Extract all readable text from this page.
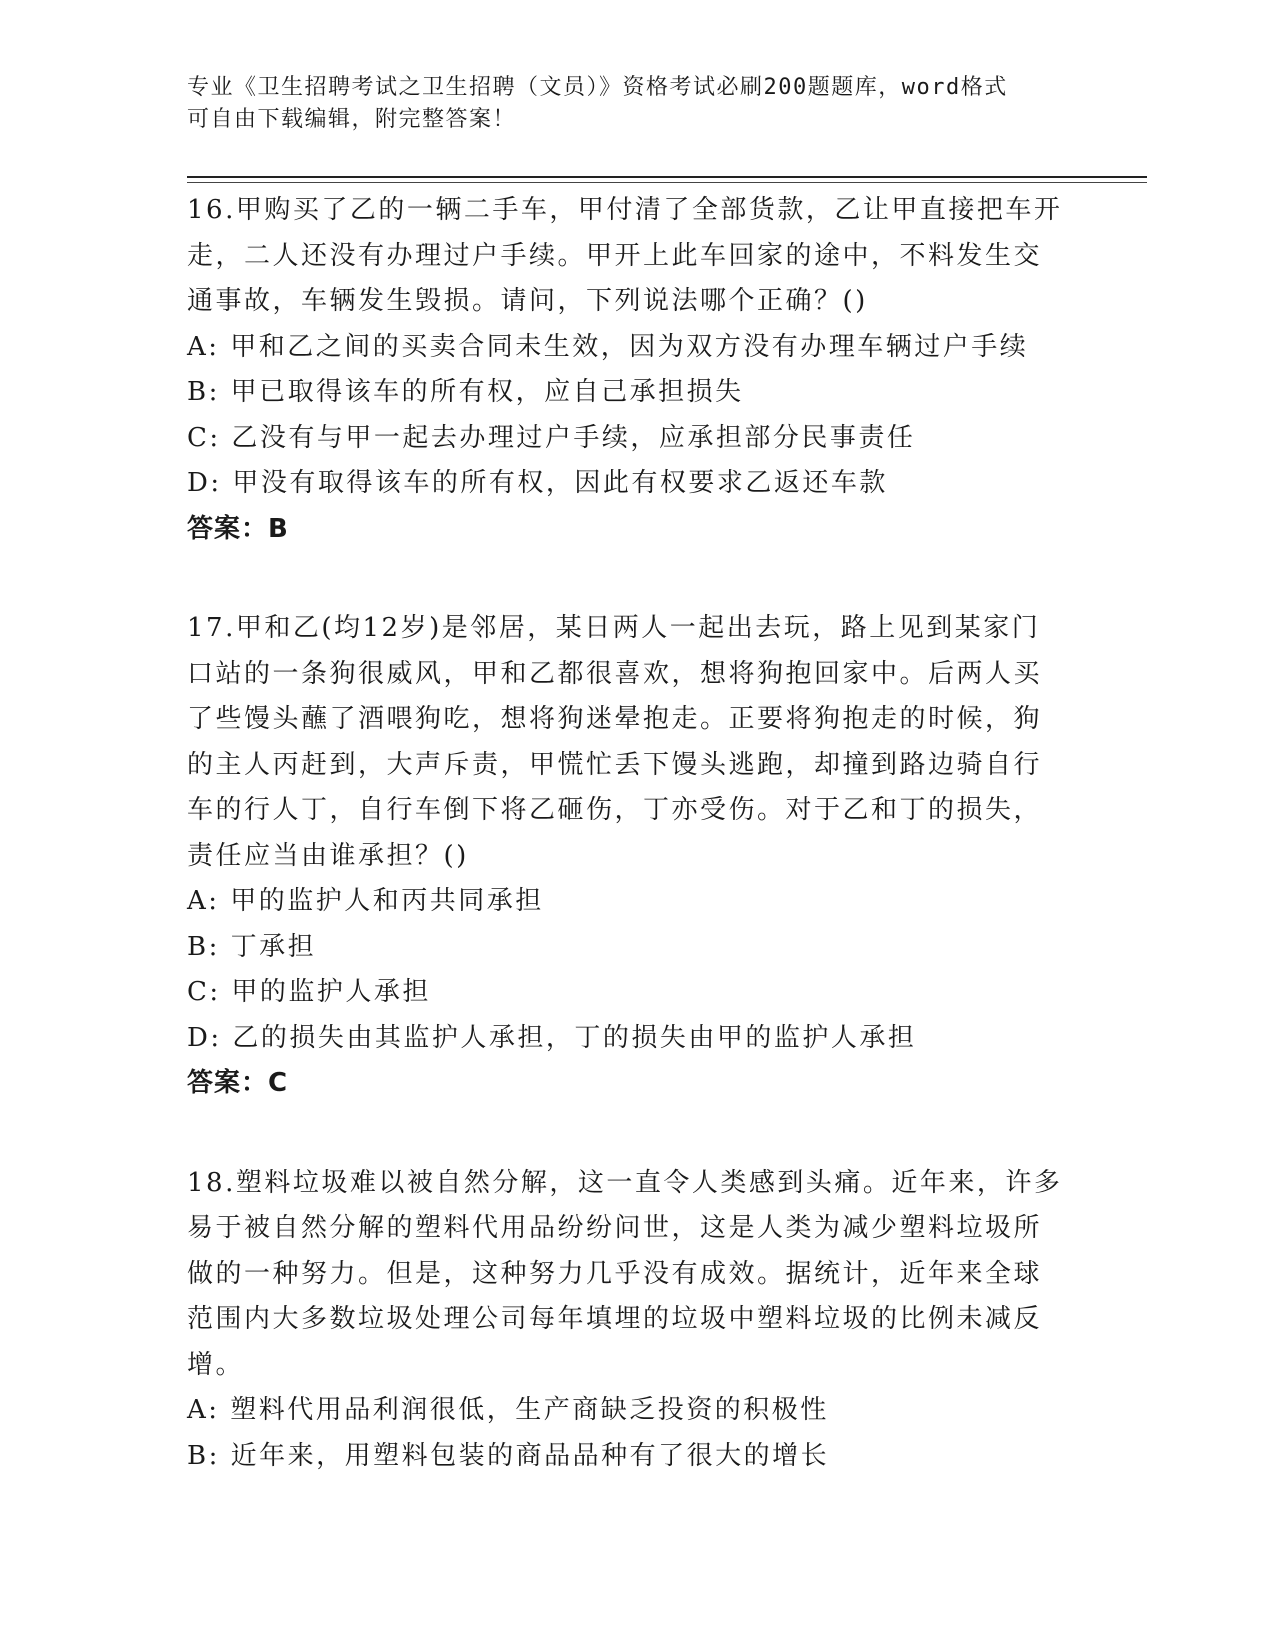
专业《卫生招聘考试之卫生招聘（文员）》资格考试必刷200题题库，word格式
可自由下载编辑，附完整答案！
16.甲购买了乙的一辆二手车，甲付清了全部货款，乙让甲直接把车开
走，二人还没有办理过户手续。甲开上此车回家的途中，不料发生交
通事故，车辆发生毁损。请问，下列说法哪个正确？()
A: 甲和乙之间的买卖合同未生效，因为双方没有办理车辆过户手续
B: 甲已取得该车的所有权，应自己承担损失
C: 乙没有与甲一起去办理过户手续，应承担部分民事责任
D: 甲没有取得该车的所有权，因此有权要求乙返还车款
答案：B
17.甲和乙(均12岁)是邻居，某日两人一起出去玩，路上见到某家门
口站的一条狗很威风，甲和乙都很喜欢，想将狗抱回家中。后两人买
了些馒头蘸了酒喂狗吃，想将狗迷晕抱走。正要将狗抱走的时候，狗
的主人丙赶到，大声斥责，甲慌忙丢下馒头逃跑，却撞到路边骑自行
车的行人丁，自行车倒下将乙砸伤，丁亦受伤。对于乙和丁的损失，
责任应当由谁承担？()
A: 甲的监护人和丙共同承担
B: 丁承担
C: 甲的监护人承担
D: 乙的损失由其监护人承担，丁的损失由甲的监护人承担
答案：C
18.塑料垃圾难以被自然分解，这一直令人类感到头痛。近年来，许多
易于被自然分解的塑料代用品纷纷问世，这是人类为减少塑料垃圾所
做的一种努力。但是，这种努力几乎没有成效。据统计，近年来全球
范围内大多数垃圾处理公司每年填埋的垃圾中塑料垃圾的比例未减反
增。
A: 塑料代用品利润很低，生产商缺乏投资的积极性
B: 近年来，用塑料包装的商品品种有了很大的增长
